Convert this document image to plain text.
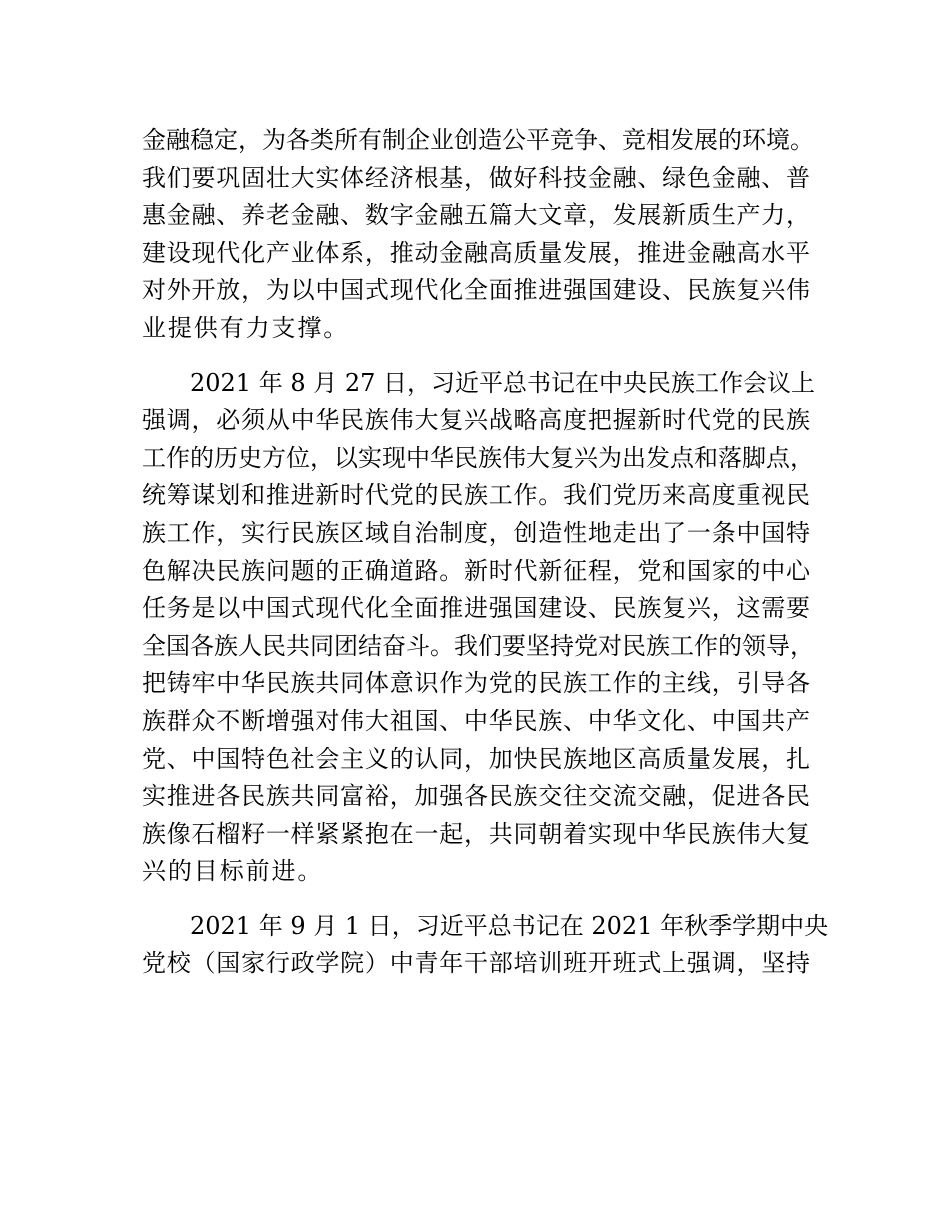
金融稳定，为各类所有制企业创造公平竞争、竞相发展的环境。
我们要巩固壮大实体经济根基，做好科技金融、绿色金融、普
惠金融、养老金融、数字金融五篇大文章，发展新质生产力，
建设现代化产业体系，推动金融高质量发展，推进金融高水平
对外开放，为以中国式现代化全面推进强国建设、民族复兴伟
业提供有力支撑。
2021 年 8 月 27 日，习近平总书记在中央民族工作会议上
强调，必须从中华民族伟大复兴战略高度把握新时代党的民族
工作的历史方位，以实现中华民族伟大复兴为出发点和落脚点，
统筹谋划和推进新时代党的民族工作。我们党历来高度重视民
族工作，实行民族区域自治制度，创造性地走出了一条中国特
色解决民族问题的正确道路。新时代新征程，党和国家的中心
任务是以中国式现代化全面推进强国建设、民族复兴，这需要
全国各族人民共同团结奋斗。我们要坚持党对民族工作的领导，
把铸牢中华民族共同体意识作为党的民族工作的主线，引导各
族群众不断增强对伟大祖国、中华民族、中华文化、中国共产
党、中国特色社会主义的认同，加快民族地区高质量发展，扎
实推进各民族共同富裕，加强各民族交往交流交融，促进各民
族像石榴籽一样紧紧抱在一起，共同朝着实现中华民族伟大复
兴的目标前进。
2021 年 9 月 1 日，习近平总书记在 2021 年秋季学期中央
党校（国家行政学院）中青年干部培训班开班式上强调，坚持
